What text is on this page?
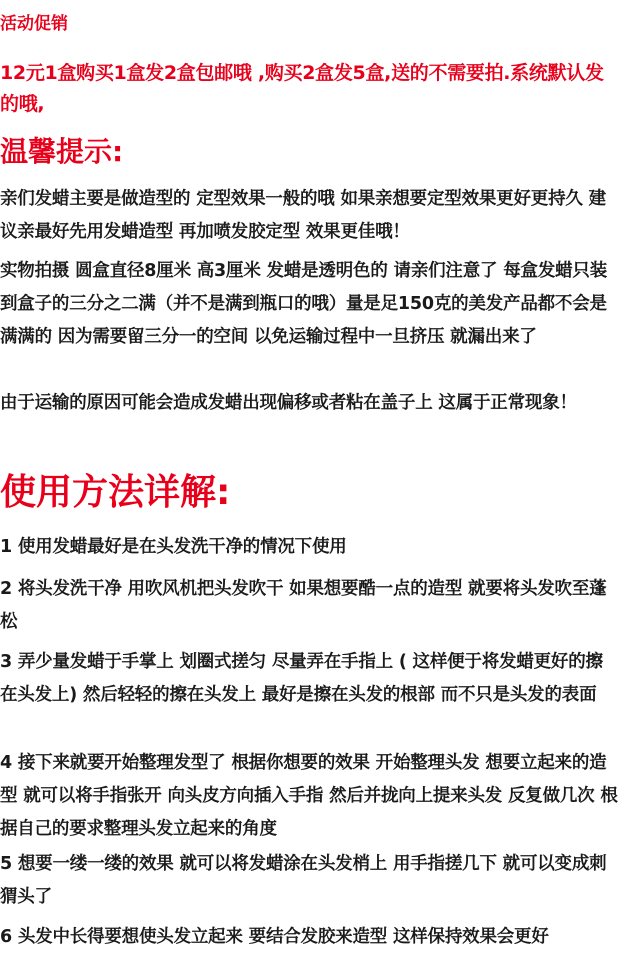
活动促销
12元1盒购买1盒发2盒包邮哦 ,购买2盒发5盒,送的不需要拍.系统默认发的哦,
温馨提示:
亲们发蜡主要是做造型的 定型效果一般的哦 如果亲想要定型效果更好更持久 建议亲最好先用发蜡造型 再加喷发胶定型 效果更佳哦！
实物拍摄 圆盒直径8厘米 高3厘米 发蜡是透明色的 请亲们注意了 每盒发蜡只装到盒子的三分之二满（并不是满到瓶口的哦）量是足150克的美发产品都不会是满满的 因为需要留三分一的空间 以免运输过程中一旦挤压 就漏出来了
由于运输的原因可能会造成发蜡出现偏移或者粘在盖子上 这属于正常现象！
使用方法详解:
1 使用发蜡最好是在头发洗干净的情况下使用
2 将头发洗干净 用吹风机把头发吹干 如果想要酷一点的造型 就要将头发吹至蓬松
3 弄少量发蜡于手掌上 划圈式搓匀 尽量弄在手指上 ( 这样便于将发蜡更好的擦在头发上) 然后轻轻的擦在头发上 最好是擦在头发的根部 而不只是头发的表面
4 接下来就要开始整理发型了 根据你想要的效果 开始整理头发 想要立起来的造型 就可以将手指张开 向头皮方向插入手指 然后并拢向上提来头发 反复做几次 根据自己的要求整理头发立起来的角度
5 想要一缕一缕的效果 就可以将发蜡涂在头发梢上 用手指搓几下 就可以变成刺猬头了
6 头发中长得要想使头发立起来 要结合发胶来造型 这样保持效果会更好
